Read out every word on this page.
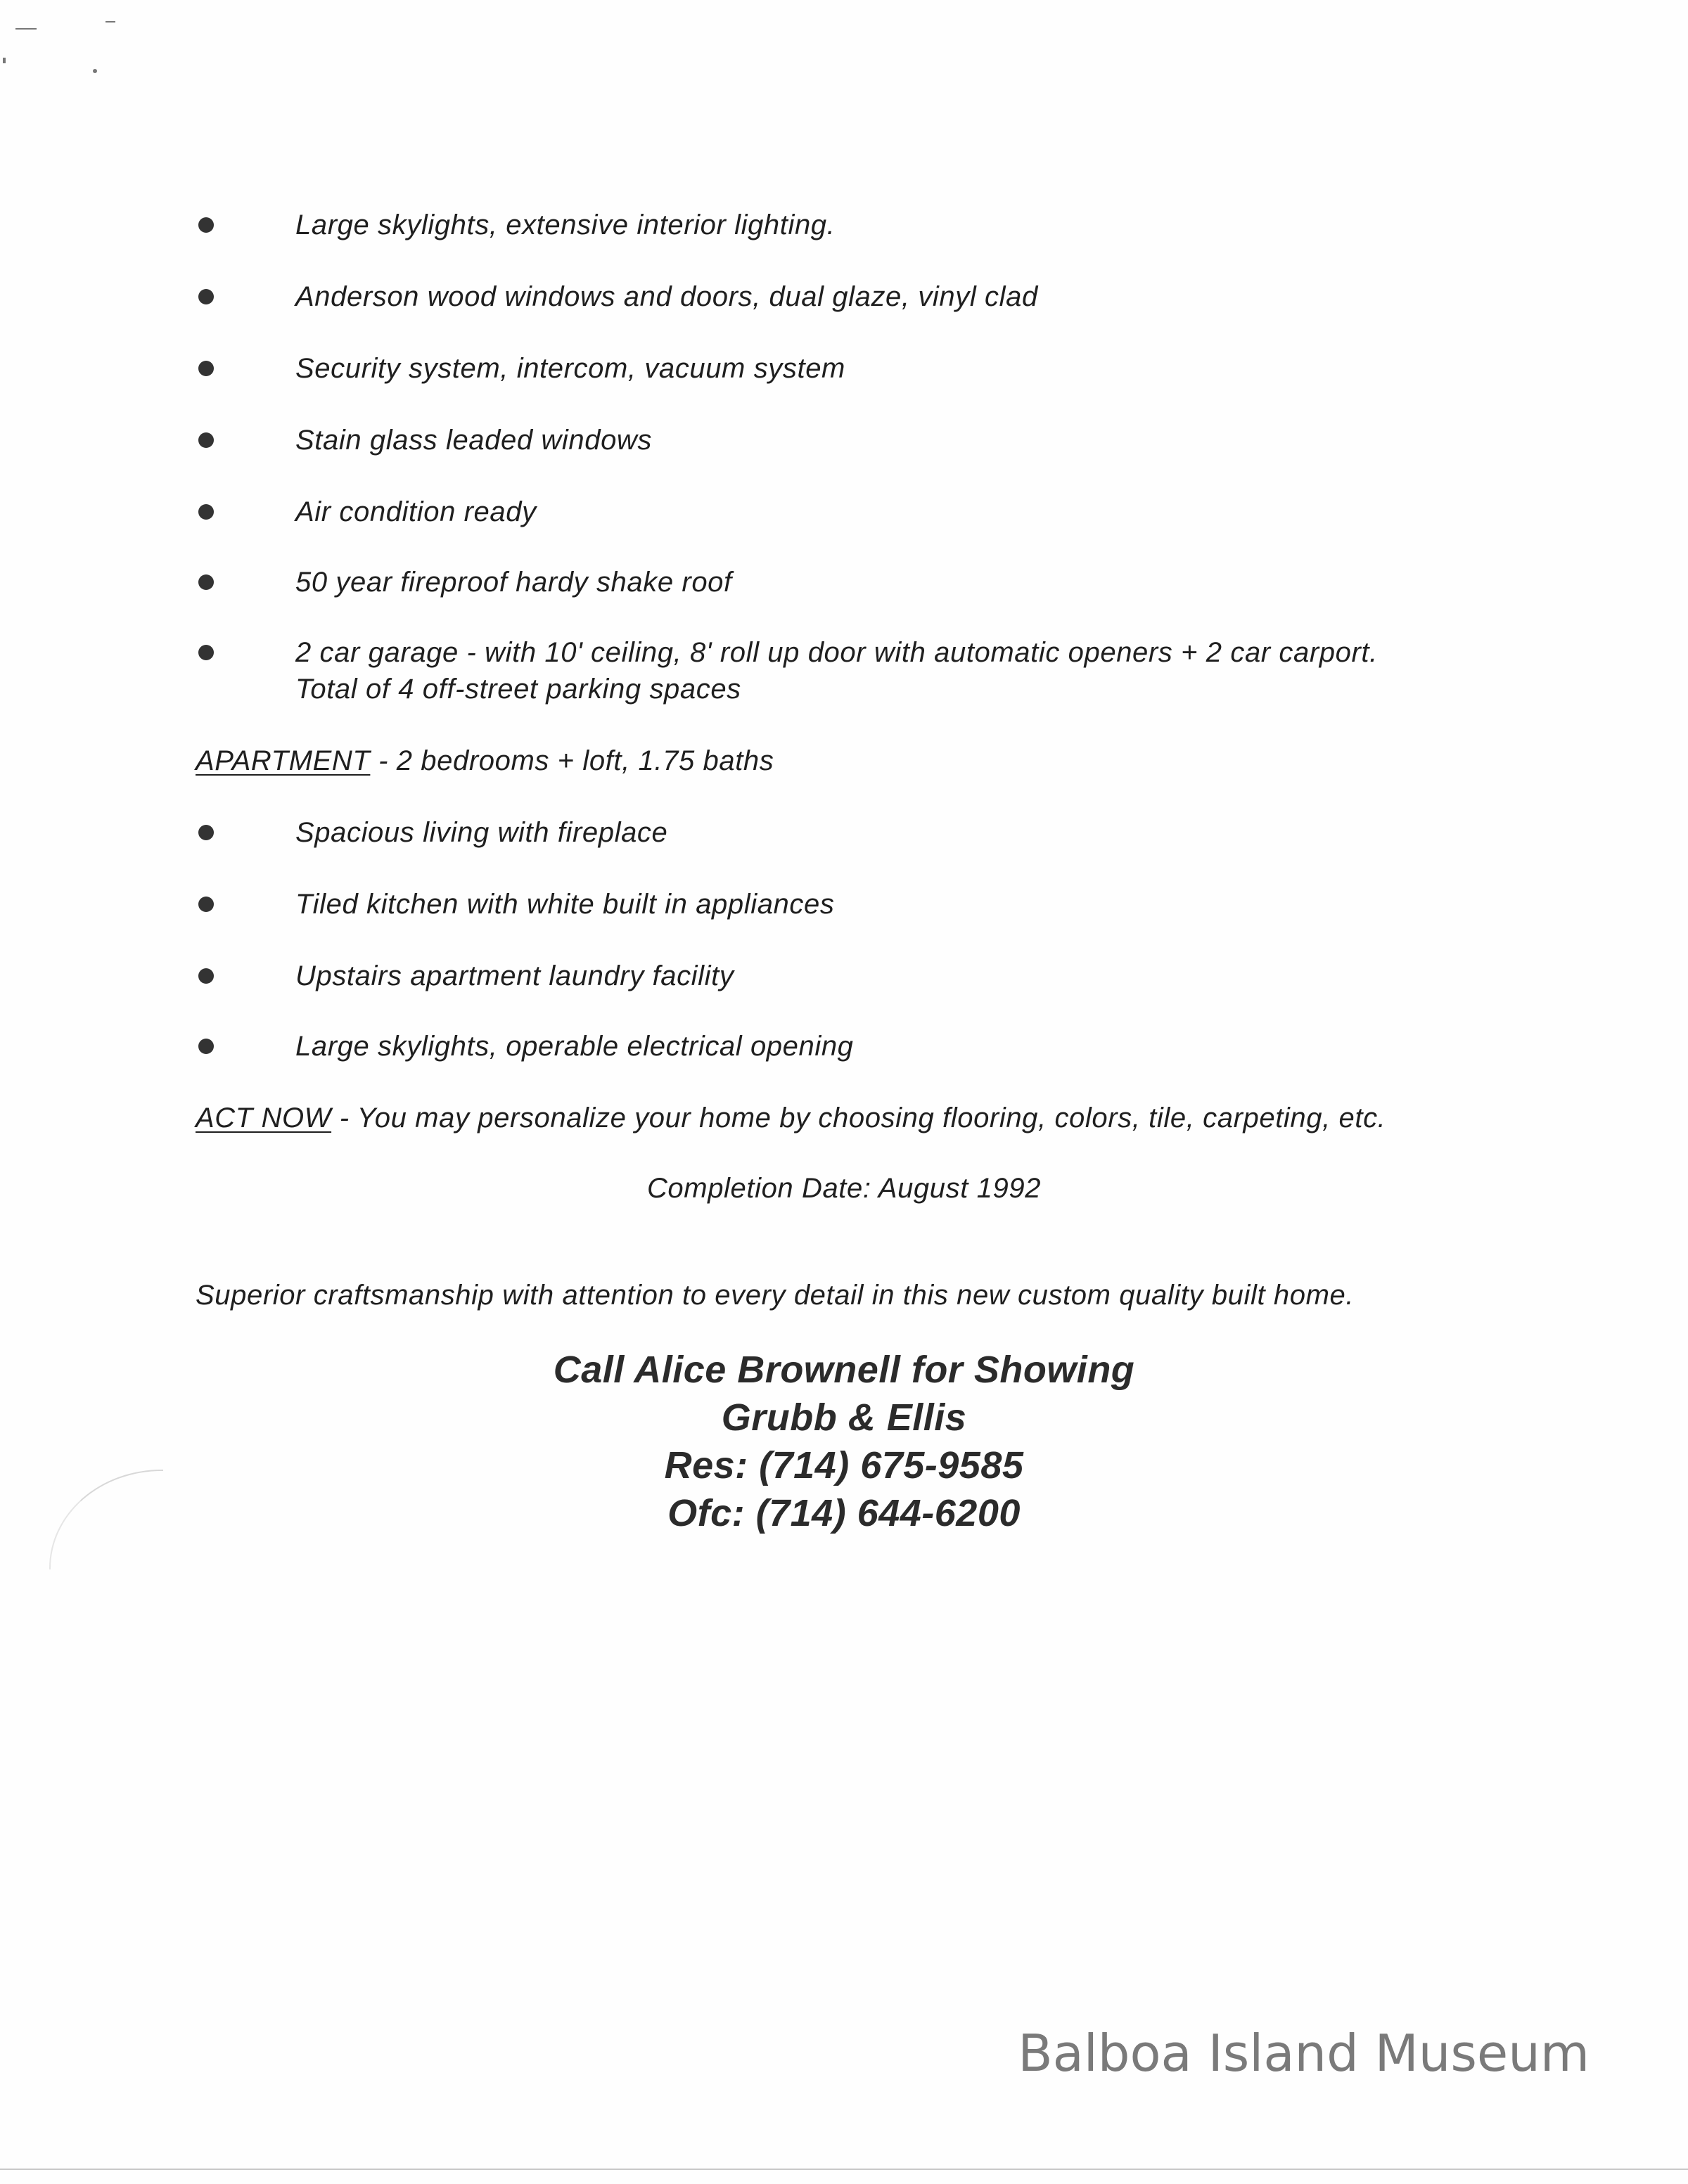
Large skylights, extensive interior lighting.
Anderson wood windows and doors, dual glaze, vinyl clad
Security system, intercom, vacuum system
Stain glass leaded windows
Air condition ready
50 year fireproof hardy shake roof
2 car garage - with 10' ceiling, 8' roll up door with automatic openers + 2 car carport.
Total of 4 off-street parking spaces
APARTMENT - 2 bedrooms + loft, 1.75 baths
Spacious living with fireplace
Tiled kitchen with white built in appliances
Upstairs apartment laundry facility
Large skylights, operable electrical opening
ACT NOW - You may personalize your home by choosing flooring, colors, tile, carpeting, etc.
Completion Date: August 1992
Superior craftsmanship with attention to every detail in this new custom quality built home.
Call Alice Brownell for Showing
Grubb & Ellis
Res: (714) 675-9585
Ofc: (714) 644-6200
Balboa Island Museum
